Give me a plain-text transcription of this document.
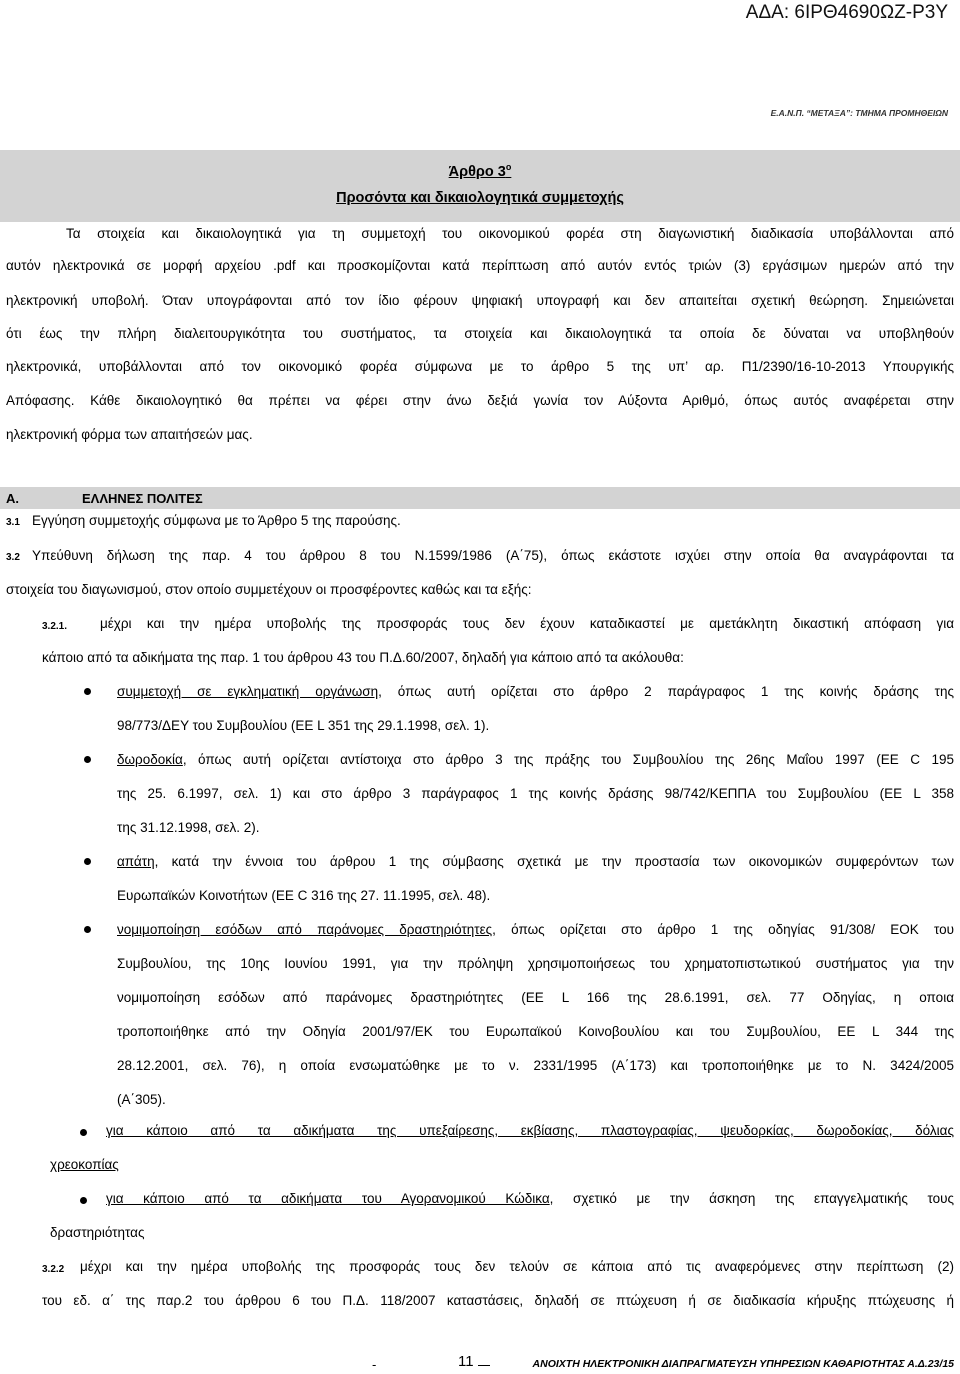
ΑΔΑ: 6ΙΡΘ4690ΩΖ-Ρ3Υ
Ε.Α.Ν.Π. “ΜΕΤΑΞΑ”: ΤΜΗΜΑ ΠΡΟΜΗΘΕΙΩΝ
Άρθρο $3^o$
Προσόντα και δικαιολογητικά συμμετοχής
Τα στοιχεία και δικαιολογητικά για τη συμμετοχή του οικονομικού φορέα στη διαγωνιστική διαδικασία υποβάλλονται από
αυτόν ηλεκτρονικά σε μορφή αρχείου .pdf και προσκομίζονται κατά περίπτωση από αυτόν εντός τριών (3) εργάσιμων ημερών από την
ηλεκτρονική υποβολή. Όταν υπογράφονται από τον ίδιο φέρουν ψηφιακή υπογραφή και δεν απαιτείται σχετική θεώρηση. Σημειώνεται
ότι έως την πλήρη διαλειτουργικότητα του συστήματος, τα στοιχεία και δικαιολογητικά τα οποία δε δύναται να υποβληθούν
ηλεκτρονικά, υποβάλλονται από τον οικονομικό φορέα σύμφωνα με το άρθρο 5 της υπ’ αρ. Π1/2390/16-10-2013 Υπουργικής
Απόφασης. Κάθε δικαιολογητικό θα πρέπει να φέρει στην άνω δεξιά γωνία τον Αύξοντα Αριθμό, όπως αυτός αναφέρεται στην
ηλεκτρονική φόρμα των απαιτήσεών μας.
Α.	ΕΛΛΗΝΕΣ ΠΟΛΙΤΕΣ
3.1 Εγγύηση συμμετοχής σύμφωνα με το Άρθρο 5 της παρούσης.
3.2 Υπεύθυνη δήλωση της παρ. 4 του άρθρου 8 του Ν.1599/1986 (Α΄75), όπως εκάστοτε ισχύει στην οποία θα αναγράφονται τα
στοιχεία του διαγωνισμού, στον οποίο συμμετέχουν οι προσφέροντες καθώς και τα εξής:
3.2.1. μέχρι και την ημέρα υποβολής της προσφοράς τους δεν έχουν καταδικαστεί με αμετάκλητη δικαστική απόφαση για
κάποιο από τα αδικήματα της παρ. 1 του άρθρου 43 του Π.Δ.60/2007, δηλαδή για κάποιο από τα ακόλουθα:
συμμετοχή σε εγκληματική οργάνωση, όπως αυτή ορίζεται στο άρθρο 2 παράγραφος 1 της κοινής δράσης της
98/773/ΔΕΥ του Συμβουλίου (ΕΕ L 351 της 29.1.1998, σελ. 1).
δωροδοκία, όπως αυτή ορίζεται αντίστοιχα στο άρθρο 3 της πράξης του Συμβουλίου της 26ης Μαΐου 1997 (ΕΕ C 195
της 25. 6.1997, σελ. 1) και στο άρθρο 3 παράγραφος 1 της κοινής δράσης 98/742/ΚΕΠΠΑ του Συμβουλίου (ΕΕ L 358
της 31.12.1998, σελ. 2).
απάτη, κατά την έννοια του άρθρου 1 της σύμβασης σχετικά με την προστασία των οικονομικών συμφερόντων των
Ευρωπαϊκών Κοινοτήτων (ΕΕ C 316 της 27. 11.1995, σελ. 48).
νομιμοποίηση εσόδων από παράνομες δραστηριότητες, όπως ορίζεται στο άρθρο 1 της οδηγίας 91/308/ ΕΟΚ του
Συμβουλίου, της 10ης Ιουνίου 1991, για την πρόληψη χρησιμοποιήσεως του χρηματοπιστωτικού συστήματος για την
νομιμοποίηση εσόδων από παράνομες δραστηριότητες (ΕΕ L 166 της 28.6.1991, σελ. 77 Οδηγίας, η οποια
τροποποιήθηκε από την Οδηγία 2001/97/ΕΚ του Ευρωπαϊκού Κοινοβουλίου και του Συμβουλίου, ΕΕ L 344 της
28.12.2001, σελ. 76), η οποία ενσωματώθηκε με το ν. 2331/1995 (Α΄173) και τροποποιήθηκε με το Ν. 3424/2005
(Α΄305).
για κάποιο από τα αδικήματα της υπεξαίρεσης, εκβίασης, πλαστογραφίας, ψευδορκίας, δωροδοκίας, δόλιας
χρεοκοπίας
για κάποιο από τα αδικήματα του Αγορανομικού Κώδικα, σχετικό με την άσκηση της επαγγελματικής τους
δραστηριότητας
3.2.2 μέχρι και την ημέρα υποβολής της προσφοράς τους δεν τελούν σε κάποια από τις αναφερόμενες στην περίπτωση (2)
του εδ. α΄ της παρ.2 του άρθρου 6 του Π.Δ. 118/2007 καταστάσεις, δηλαδή σε πτώχευση ή σε διαδικασία κήρυξης πτώχευσης ή
-	11	ΑΝΟΙΧΤΗ ΗΛΕΚΤΡΟΝΙΚΗ ΔΙΑΠΡΑΓΜΑΤΕΥΣΗ ΥΠΗΡΕΣΙΩΝ ΚΑΘΑΡΙΟΤΗΤΑΣ Α.Δ.23/15
